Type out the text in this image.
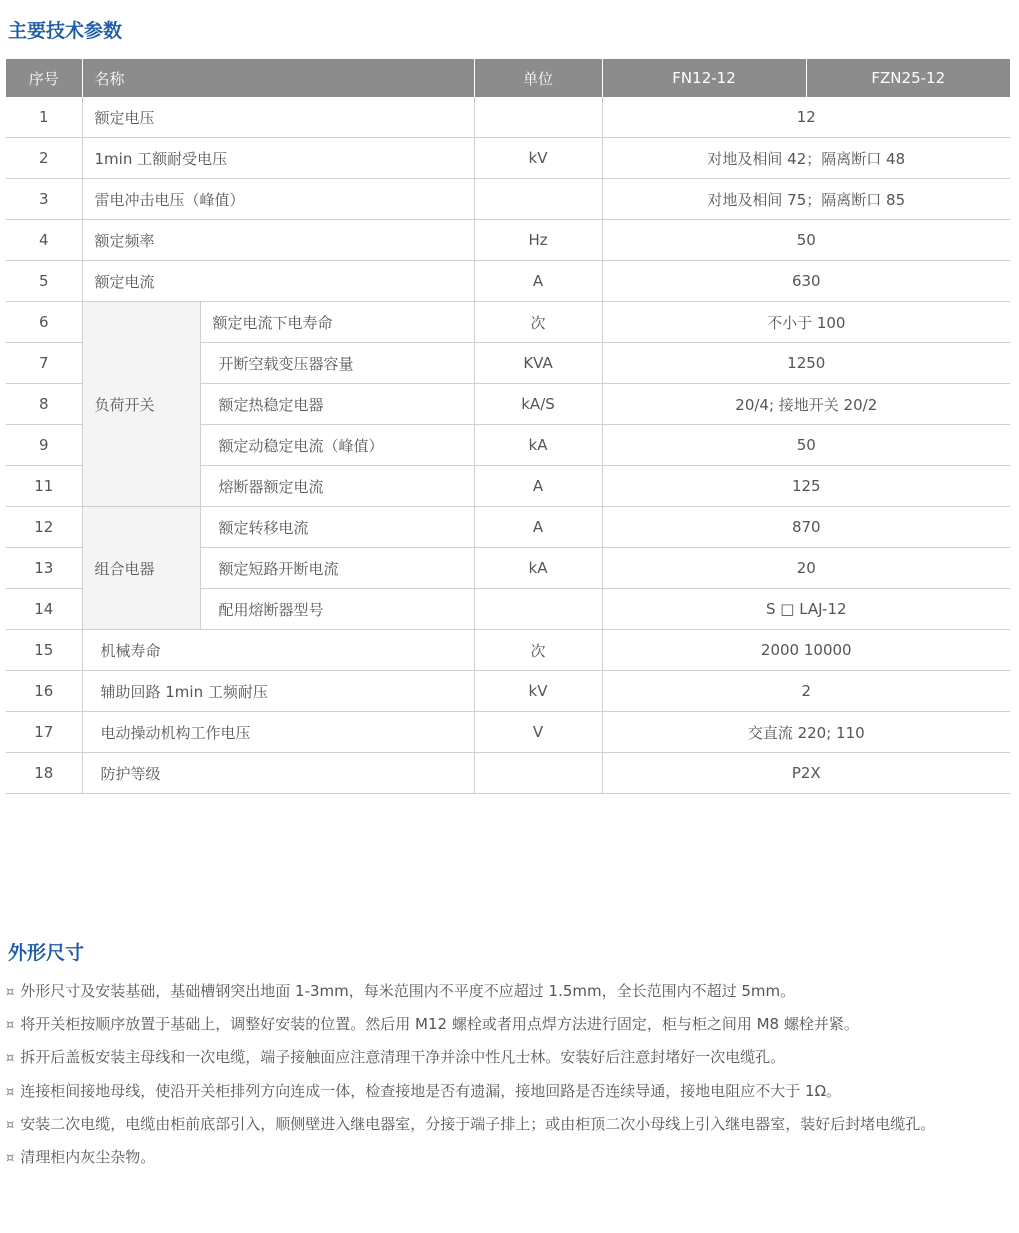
主要技术参数
序号	名称		单位	FN12-12	FZN25-12
1	额定电压			12	
2	1min 工额耐受电压		kV	对地及相间 42；隔离断口 48	
3	雷电冲击电压（峰值）			对地及相间 75；隔离断口 85	
4	额定频率		Hz	50	
5	额定电流		A	630	
6	负荷开关	额定电流下电寿命	次	不小于 100	
7		开断空载变压器容量	KVA	1250	
8		额定热稳定电器	kA/S	20/4; 接地开关 20/2	
9		额定动稳定电流（峰值）	kA	50	
11		熔断器额定电流	A	125	
12	组合电器	额定转移电流	A	870	
13		额定短路开断电流	kA	20	
14		配用熔断器型号		S □ LAJ-12	
15	机械寿命		次	2000 10000	
16	辅助回路 1min 工频耐压		kV	2	
17	电动操动机构工作电压		V	交直流 220; 110	
18	防护等级			P2X	
外形尺寸
¤ 外形尺寸及安装基础，基础槽钢突出地面 1-3mm，每米范围内不平度不应超过 1.5mm，全长范围内不超过 5mm。
¤ 将开关柜按顺序放置于基础上，调整好安装的位置。然后用 M12 螺栓或者用点焊方法进行固定，柜与柜之间用 M8 螺栓并紧。
¤ 拆开后盖板安装主母线和一次电缆，端子接触面应注意清理干净并涂中性凡士林。安装好后注意封堵好一次电缆孔。
¤ 连接柜间接地母线，使沿开关柜排列方向连成一体，检查接地是否有遗漏，接地回路是否连续导通，接地电阻应不大于 1Ω。
¤ 安装二次电缆，电缆由柜前底部引入，顺侧壁进入继电器室，分接于端子排上；或由柜顶二次小母线上引入继电器室，装好后封堵电缆孔。
¤ 清理柜内灰尘杂物。
